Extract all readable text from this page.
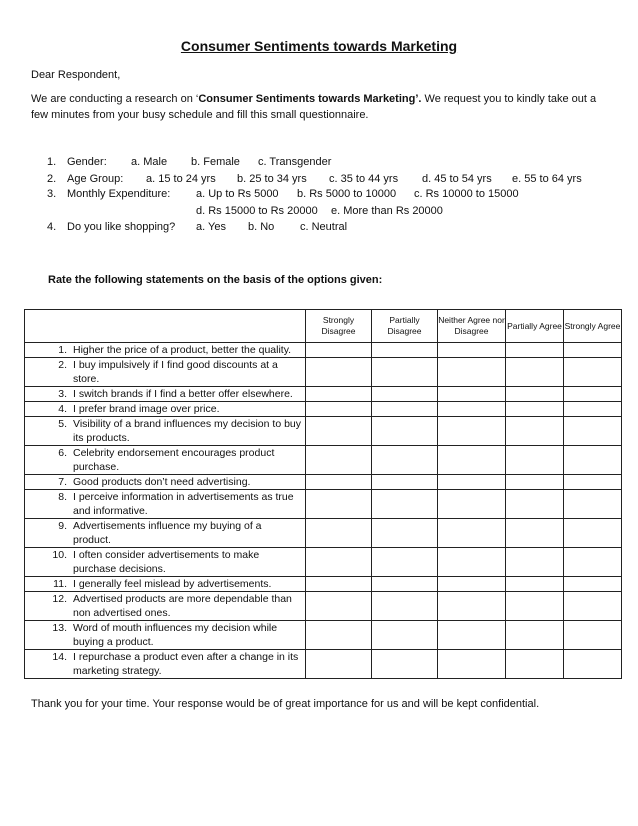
Consumer Sentiments towards Marketing
Dear Respondent,
We are conducting a research on ‘Consumer Sentiments towards Marketing’. We request you to kindly take out a few minutes from your busy schedule and fill this small questionnaire.
1. Gender: a. Male b. Female c. Transgender
2. Age Group: a. 15 to 24 yrs b. 25 to 34 yrs c. 35 to 44 yrs d. 45 to 54 yrs e. 55 to 64 yrs
3. Monthly Expenditure: a. Up to Rs 5000 b. Rs 5000 to 10000 c. Rs 10000 to 15000
d. Rs 15000 to Rs 20000 e. More than Rs 20000
4. Do you like shopping? a. Yes b. No c. Neutral
Rate the following statements on the basis of the options given:
	Strongly Disagree	Partially Disagree	Neither Agree nor Disagree	Partially Agree	Strongly Agree

1. Higher the price of a product, better the quality.					

2. I buy impulsively if I find good discounts at a store.					

3. I switch brands if I find a better offer elsewhere.					

4. I prefer brand image over price.					

5. Visibility of a brand influences my decision to buy its products.					

6. Celebrity endorsement encourages product purchase.					

7. Good products don’t need advertising.					

8. I perceive information in advertisements as true and informative.					

9. Advertisements influence my buying of a product.					

10. I often consider advertisements to make purchase decisions.					

11. I generally feel mislead by advertisements.					

12. Advertised products are more dependable than non advertised ones.					

13. Word of mouth influences my decision while buying a product.					

14. I repurchase a product even after a change in its marketing strategy.					

Thank you for your time. Your response would be of great importance for us and will be kept confidential.
